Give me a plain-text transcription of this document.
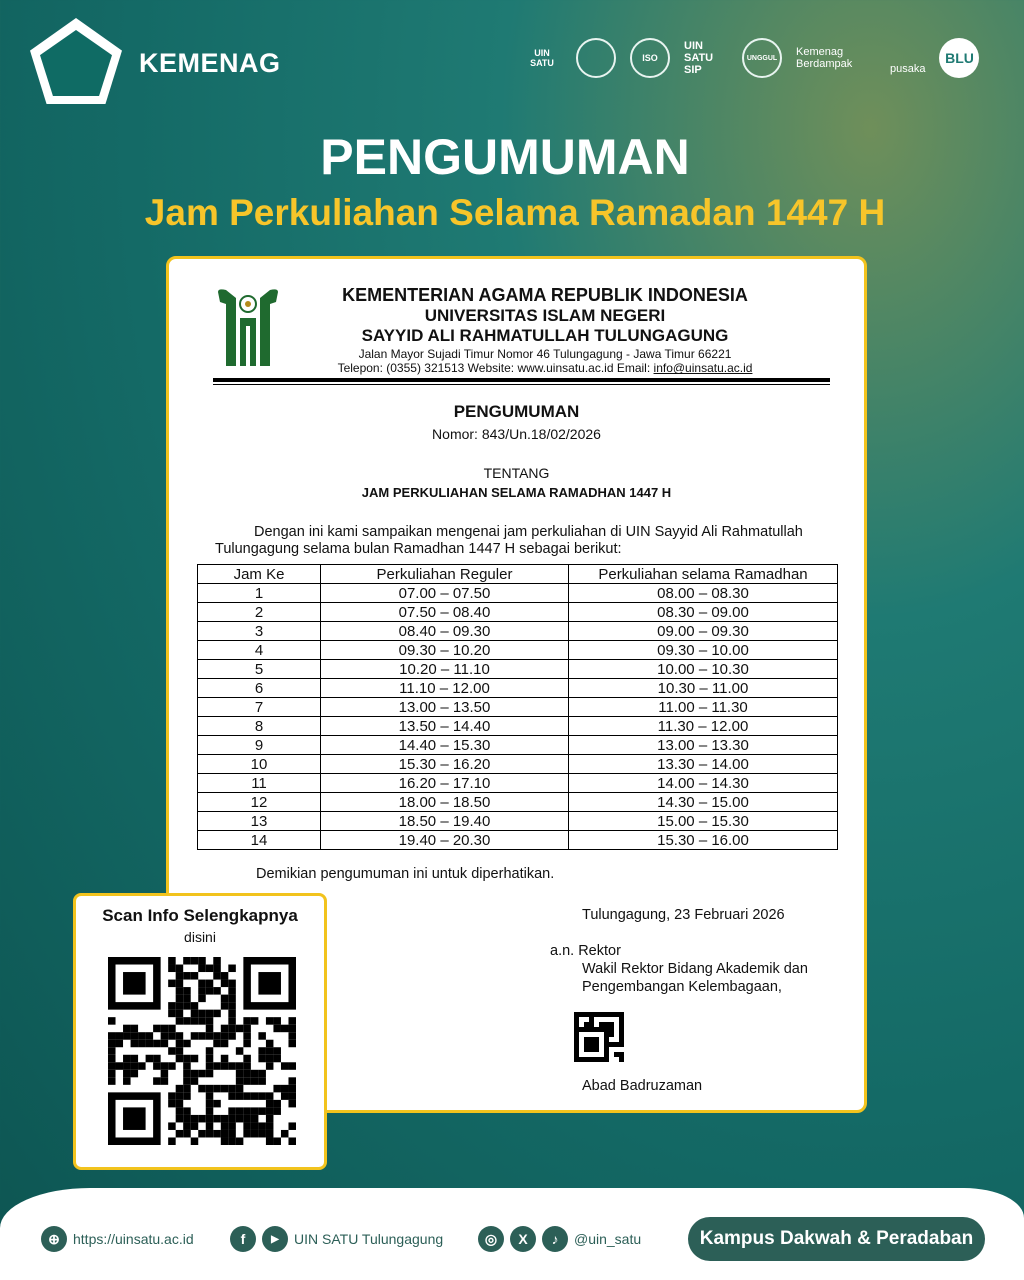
KEMENAG	UIN SATU	ISO
UIN SATU SIP
UNGGUL
Kemenag Berdampak	pusaka
BLU
PENGUMUMAN
Jam Perkuliahan Selama Ramadan 1447 H
KEMENTERIAN AGAMA REPUBLIK INDONESIA
UNIVERSITAS ISLAM NEGERI
SAYYID ALI RAHMATULLAH TULUNGAGUNG
Jalan Mayor Sujadi Timur Nomor 46 Tulungagung - Jawa Timur 66221
Telepon: (0355) 321513 Website: www.uinsatu.ac.id Email: info@uinsatu.ac.id
PENGUMUMAN
Nomor: 843/Un.18/02/2026
TENTANG
JAM PERKULIAHAN SELAMA RAMADHAN 1447 H
Dengan ini kami sampaikan mengenai jam perkuliahan di UIN Sayyid Ali Rahmatullah
Tulungagung selama bulan Ramadhan 1447 H sebagai berikut:
Jam Ke	Perkuliahan Reguler	Perkuliahan selama Ramadhan
1	07.00 – 07.50	08.00 – 08.30
2	07.50 – 08.40	08.30 – 09.00
3	08.40 – 09.30	09.00 – 09.30
4	09.30 – 10.20	09.30 – 10.00
5	10.20 – 11.10	10.00 – 10.30
6	11.10 – 12.00	10.30 – 11.00
7	13.00 – 13.50	11.00 – 11.30
8	13.50 – 14.40	11.30 – 12.00
9	14.40 – 15.30	13.00 – 13.30
10	15.30 – 16.20	13.30 – 14.00
11	16.20 – 17.10	14.00 – 14.30
12	18.00 – 18.50	14.30 – 15.00
13	18.50 – 19.40	15.00 – 15.30
14	19.40 – 20.30	15.30 – 16.00
Demikian pengumuman ini untuk diperhatikan.
Tulungagung, 23 Februari 2026
a.n. Rektor
Wakil Rektor Bidang Akademik dan
Pengembangan Kelembagaan,
Abad Badruzaman
Scan Info Selengkapnya
disini
⊕ https://uinsatu.ac.id	f	▶	UIN SATU Tulungagung	◎	X	♪	@uin_satu	Kampus Dakwah & Peradaban
